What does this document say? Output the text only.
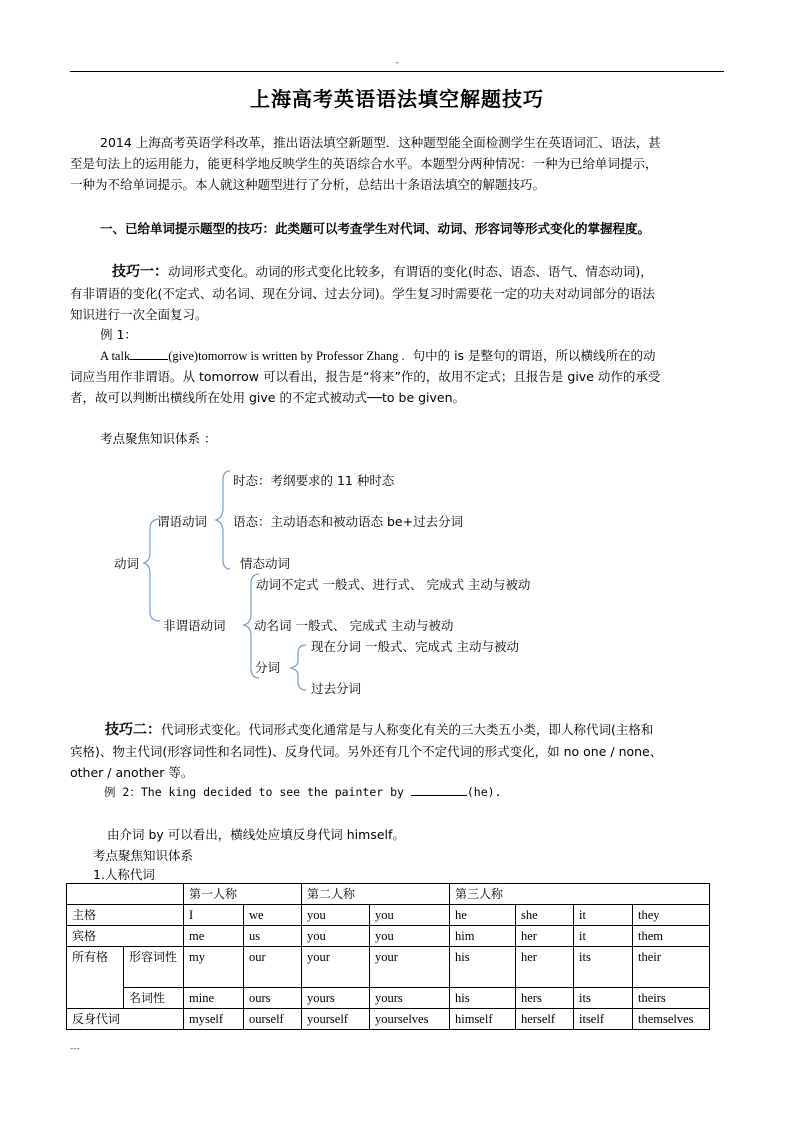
-
上海高考英语语法填空解题技巧
2014 上海高考英语学科改革，推出语法填空新题型．这种题型能全面检测学生在英语词汇、语法，甚
至是句法上的运用能力，能更科学地反映学生的英语综合水平。本题型分两种情况：一种为已给单词提示，
一种为不给单词提示。本人就这种题型进行了分析，总结出十条语法填空的解题技巧。
一、已给单词提示题型的技巧：此类题可以考查学生对代词、动词、形容词等形式变化的掌握程度。
技巧一：动词形式变化。动词的形式变化比较多，有谓语的变化(时态、语态、语气、情态动词)，
有非谓语的变化(不定式、动名词、现在分词、过去分词)。学生复习时需要花一定的功夫对动词部分的语法
知识进行一次全面复习。
例 1：
A talk	(give)tomorrow is written by Professor Zhang . 句中的 is 是整句的谓语，所以横线所在的动
词应当用作非谓语。从 tomorrow 可以看出，报告是“将来”作的，故用不定式；且报告是 give 动作的承受
者，故可以判断出横线所在处用 give 的不定式被动式──to be given。
考点聚焦知识体系 ：
动词
谓语动词
非谓语动词
时态：考纲要求的 11 种时态
语态：主动语态和被动语态 be+过去分词
情态动词
动词不定式 一般式、进行式、 完成式 主动与被动
动名词 一般式、 完成式 主动与被动
分词
现在分词 一般式、完成式 主动与被动
过去分词
技巧二：代词形式变化。代词形式变化通常是与人称变化有关的三大类五小类，即人称代词(主格和
宾格)、物主代词(形容词性和名词性)、反身代词。另外还有几个不定代词的形式变化，如 no one / none、
other / another 等。
例 2：The king decided to see the painter by	(he).
由介词 by 可以看出，横线处应填反身代词 himself。
考点聚焦知识体系
1.人称代词
		第一人称		第二人称		第三人称			
主格		I	we	you	you	he	she	it	they
宾格		me	us	you	you	him	her	it	them
所有格	形容词性	my	our	your	your	his	her	its	their
	名词性	mine	ours	yours	yours	his	hers	its	theirs
反身代词		myself	ourself	yourself	yourselves	himself	herself	itself	themselves
---
